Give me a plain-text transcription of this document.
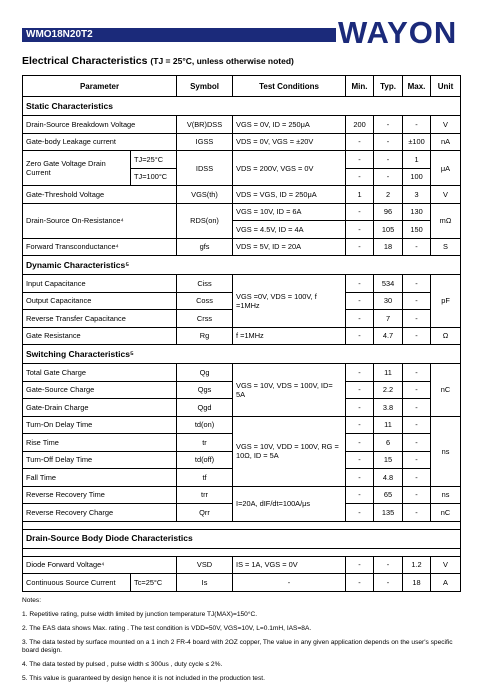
WMO18N20T2	WAYON
Electrical Characteristics (TJ = 25°C, unless otherwise noted)
Parameter		Symbol	Test Conditions	Min.	Typ.	Max.	Unit
Static Characteristics							
Drain-Source Breakdown Voltage		V(BR)DSS	VGS = 0V, ID = 250μA	200	-	-	V
Gate-body Leakage current		IGSS	VDS = 0V, VGS = ±20V	-	-	±100	nA
Zero Gate Voltage Drain Current	TJ=25°C	IDSS	VDS = 200V, VGS = 0V	-	-	1	μA
	TJ=100°C			-	-	100	
Gate-Threshold Voltage		VGS(th)	VDS = VGS, ID = 250μA	1	2	3	V
Drain-Source On-Resistance⁴		RDS(on)	VGS = 10V, ID = 6A	-	96	130	mΩ
			VGS = 4.5V, ID = 4A	-	105	150	
Forward Transconductance⁴		gfs	VDS = 5V, ID = 20A	-	18	-	S
Dynamic Characteristics⁵							
Input Capacitance		Ciss	VGS =0V, VDS = 100V, f =1MHz	-	534	-	pF
Output Capacitance		Coss		-	30	-	
Reverse Transfer Capacitance		Crss		-	7	-	
Gate Resistance		Rg	f =1MHz	-	4.7	-	Ω
Switching Characteristics⁵							
Total Gate Charge		Qg	VGS = 10V, VDS = 100V, ID= 5A	-	11	-	nC
Gate-Source Charge		Qgs		-	2.2	-	
Gate-Drain Charge		Qgd		-	3.8	-	
Turn-On Delay Time		td(on)	VGS = 10V, VDD = 100V, RG = 10Ω, ID = 5A	-	11	-	ns
Rise Time		tr		-	6	-	
Turn-Off Delay Time		td(off)		-	15	-	
Fall Time		tf		-	4.8	-	
Reverse Recovery Time		trr	I=20A, dIF/dt=100A/μs	-	65	-	ns
Reverse Recovery Charge		Qrr		-	135	-	nC

Drain-Source Body Diode Characteristics							

Diode Forward Voltage⁴		VSD	IS = 1A, VGS = 0V	-	-	1.2	V
Continuous Source Current	Tc=25°C	Is	-	-	-	18	A
Notes:
1. Repetitive rating, pulse width limited by junction temperature TJ(MAX)=150°C.
2. The EAS data shows Max. rating . The test condition is VDD=50V, VGS=10V, L=0.1mH, IAS=8A.
3. The data tested by surface mounted on a 1 inch 2 FR-4 board with 2OZ copper, The value in any given application depends on the user's specific board design.
4. The data tested by pulsed , pulse width ≤ 300us , duty cycle ≤ 2%.
5. This value is guaranteed by design hence it is not included in the production test.
